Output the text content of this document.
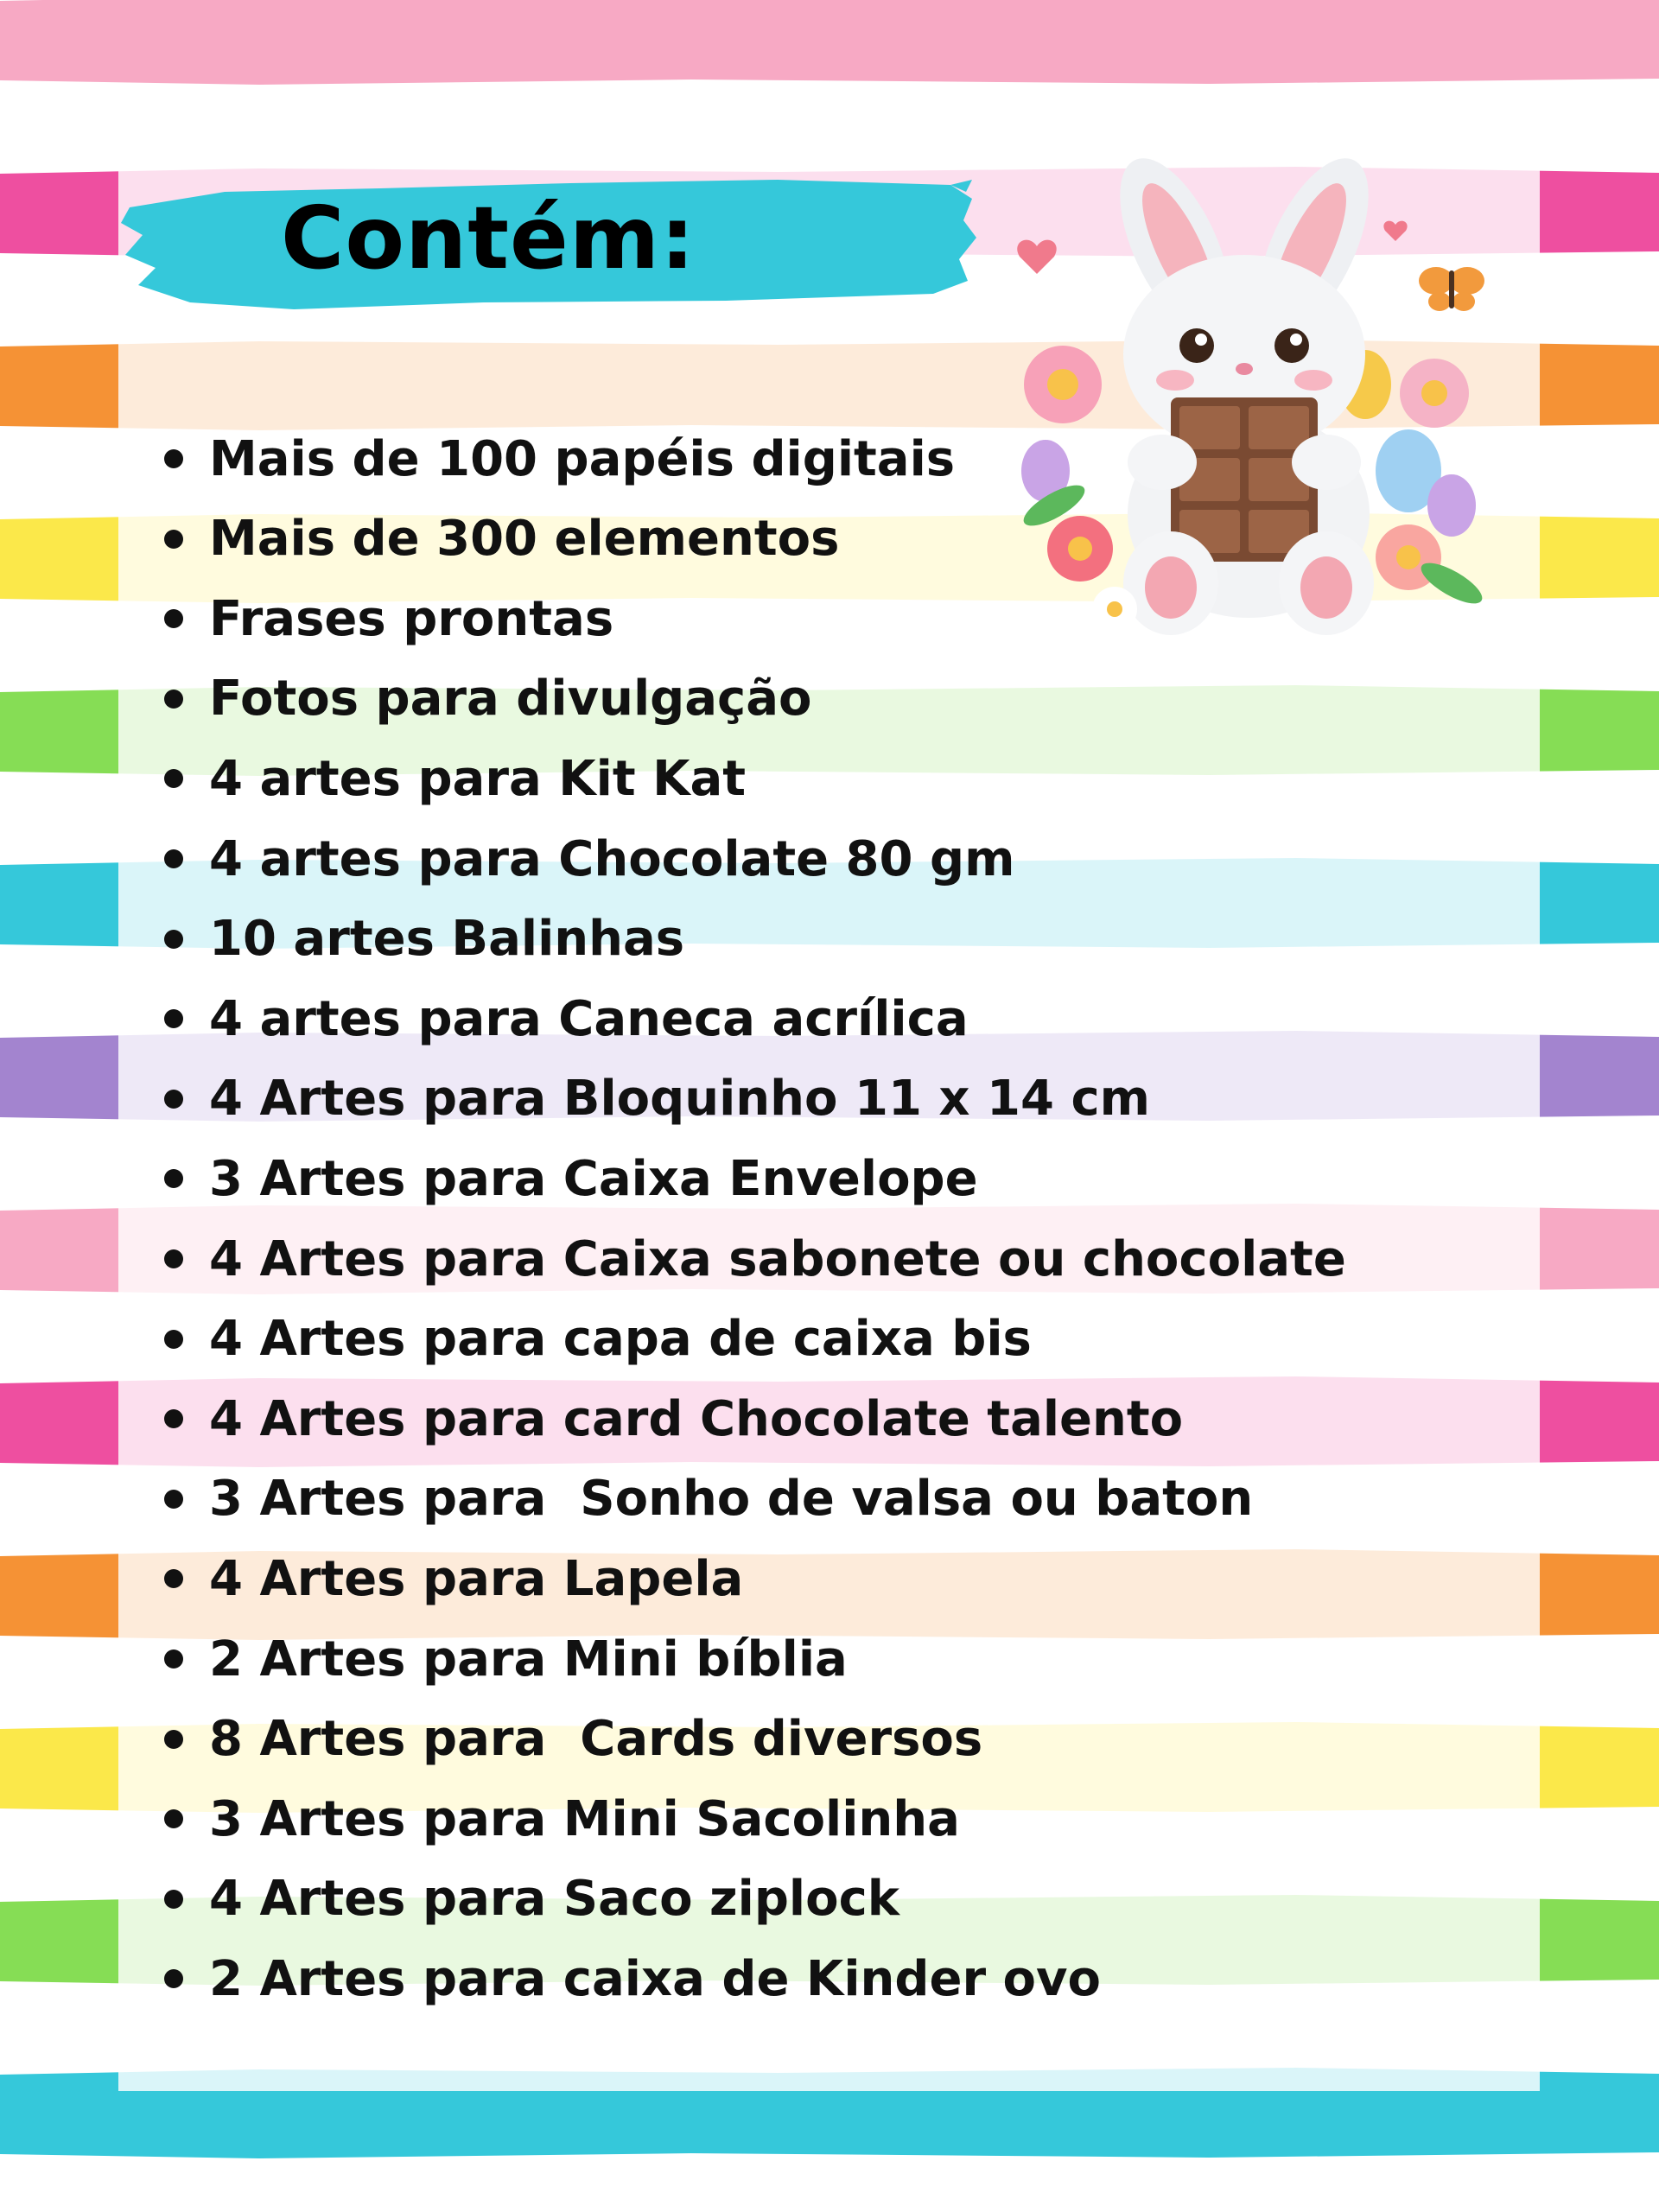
Contém:
Mais de 100 papéis digitais
Mais de 300 elementos
Frases prontas
Fotos para divulgação
4 artes para Kit Kat
4 artes para Chocolate 80 gm
10 artes Balinhas
4 artes para Caneca acrílica
4 Artes para Bloquinho 11 x 14 cm
3 Artes para Caixa Envelope
4 Artes para Caixa sabonete ou chocolate
4 Artes para capa de caixa bis
4 Artes para card Chocolate talento
3 Artes para  Sonho de valsa ou baton
4 Artes para Lapela
2 Artes para Mini bíblia
8 Artes para  Cards diversos
3 Artes para Mini Sacolinha
4 Artes para Saco ziplock
2 Artes para caixa de Kinder ovo
